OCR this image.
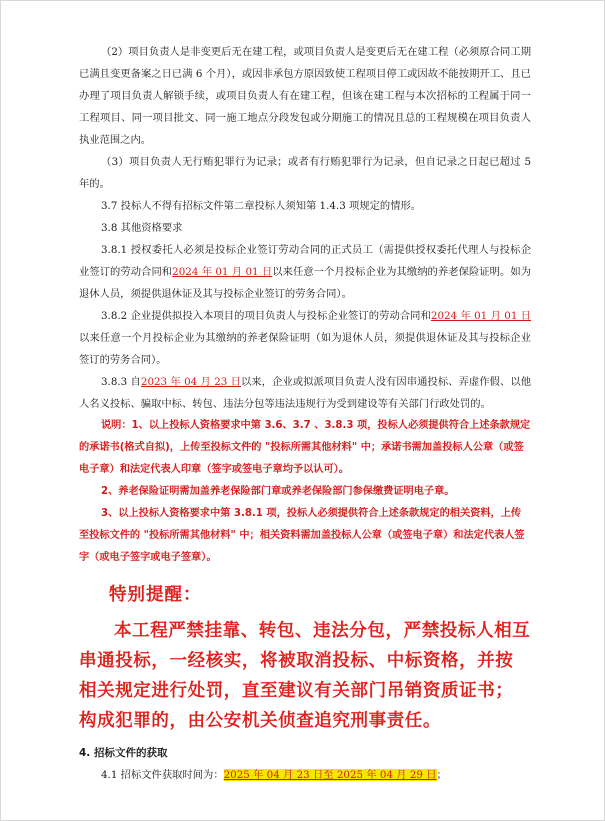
（2）项目负责人是非变更后无在建工程，或项目负责人是变更后无在建工程（必须原合同工期已满且变更备案之日已满 6 个月），或因非承包方原因致使工程项目停工或因故不能按期开工、且已办理了项目负责人解锁手续，或项目负责人有在建工程，但该在建工程与本次招标的工程属于同一工程项目、同一项目批文、同一施工地点分段发包或分期施工的情况且总的工程规模在项目负责人执业范围之内。

（3）项目负责人无行贿犯罪行为记录；或者有行贿犯罪行为记录，但自记录之日起已超过 5 年的。

3.7 投标人不得有招标文件第二章投标人须知第 1.4.3 项规定的情形。

3.8 其他资格要求

3.8.1 授权委托人必须是投标企业签订劳动合同的正式员工（需提供授权委托代理人与投标企业签订的劳动合同和2024 年 01 月 01 日以来任意一个月投标企业为其缴纳的养老保险证明。如为退休人员，须提供退休证及其与投标企业签订的劳务合同）。

3.8.2 企业提供拟投入本项目的项目负责人与投标企业签订的劳动合同和2024 年 01 月 01 日以来任意一个月投标企业为其缴纳的养老保险证明（如为退休人员，须提供退休证及其与投标企业签订的劳务合同）。

3.8.3 自2023 年 04 月 23 日以来，企业或拟派项目负责人没有因串通投标、弄虚作假、以他人名义投标、骗取中标、转包、违法分包等违法违规行为受到建设等有关部门行政处罚的。

说明：1、以上投标人资格要求中第 3.6、3.7 、3.8.3 项，投标人必须提供符合上述条款规定的承诺书(格式自拟)，上传至投标文件的 "投标所需其他材料" 中；承诺书需加盖投标人公章（或签电子章）和法定代表人印章（签字或签电子章均予以认可）。

2、养老保险证明需加盖养老保险部门章或养老保险部门参保缴费证明电子章。

3、以上投标人资格要求中第 3.8.1 项，投标人必须提供符合上述条款规定的相关资料，上传至投标文件的 "投标所需其他材料" 中；相关资料需加盖投标人公章（或签电子章）和法定代表人签字（或电子签字或电子签章）。

特别提醒：

本工程严禁挂靠、转包、违法分包，严禁投标人相互串通投标，一经核实，将被取消投标、中标资格，并按相关规定进行处罚，直至建议有关部门吊销资质证书；构成犯罪的，由公安机关侦查追究刑事责任。

4. 招标文件的获取

4.1 招标文件获取时间为：2025 年 04 月 23 日至 2025 年 04 月 29 日；
